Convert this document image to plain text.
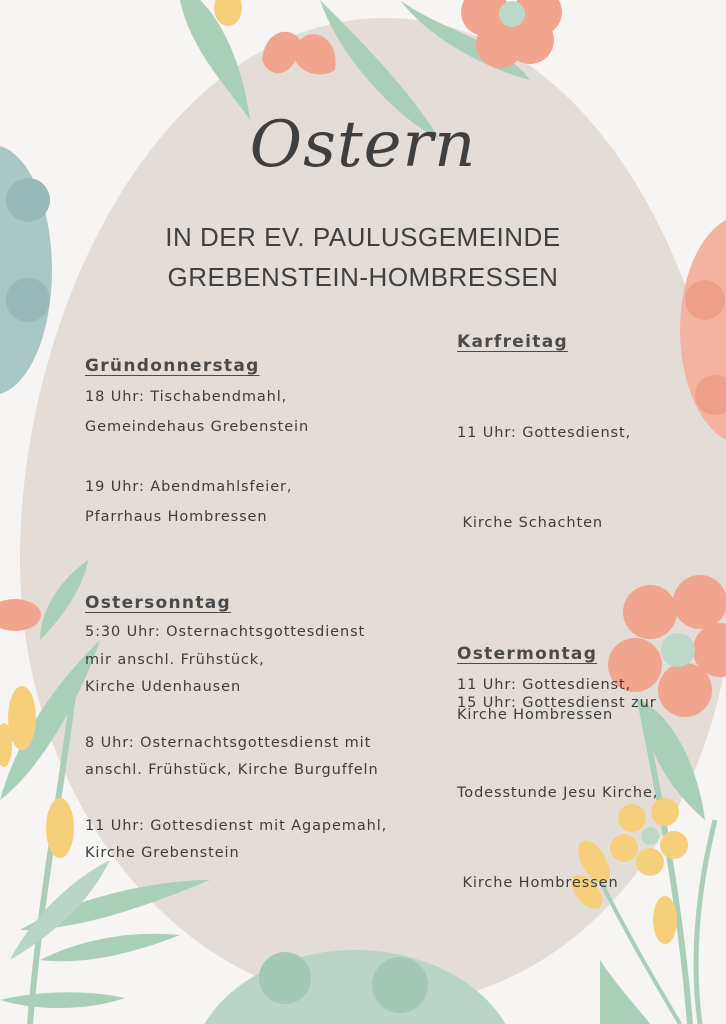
Ostern
IN DER EV. PAULUSGEMEINDE
GREBENSTEIN-HOMBRESSEN
Gründonnerstag
18 Uhr: Tischabendmahl,
Gemeindehaus Grebenstein
19 Uhr: Abendmahlsfeier,
Pfarrhaus Hombressen
Ostersonntag
5:30 Uhr: Osternachtsgottesdienst
mir anschl. Frühstück,
Kirche Udenhausen
8 Uhr: Osternachtsgottesdienst mit
anschl. Frühstück, Kirche Burguffeln
11 Uhr: Gottesdienst mit Agapemahl,
Kirche Grebenstein
Karfreitag

11 Uhr: Gottesdienst,

Kirche Schachten

15 Uhr: Gottesdienst zur

Todesstunde Jesu Kirche,

Kirche Hombressen

Ostermontag
11 Uhr: Gottesdienst,
Kirche Hombressen
